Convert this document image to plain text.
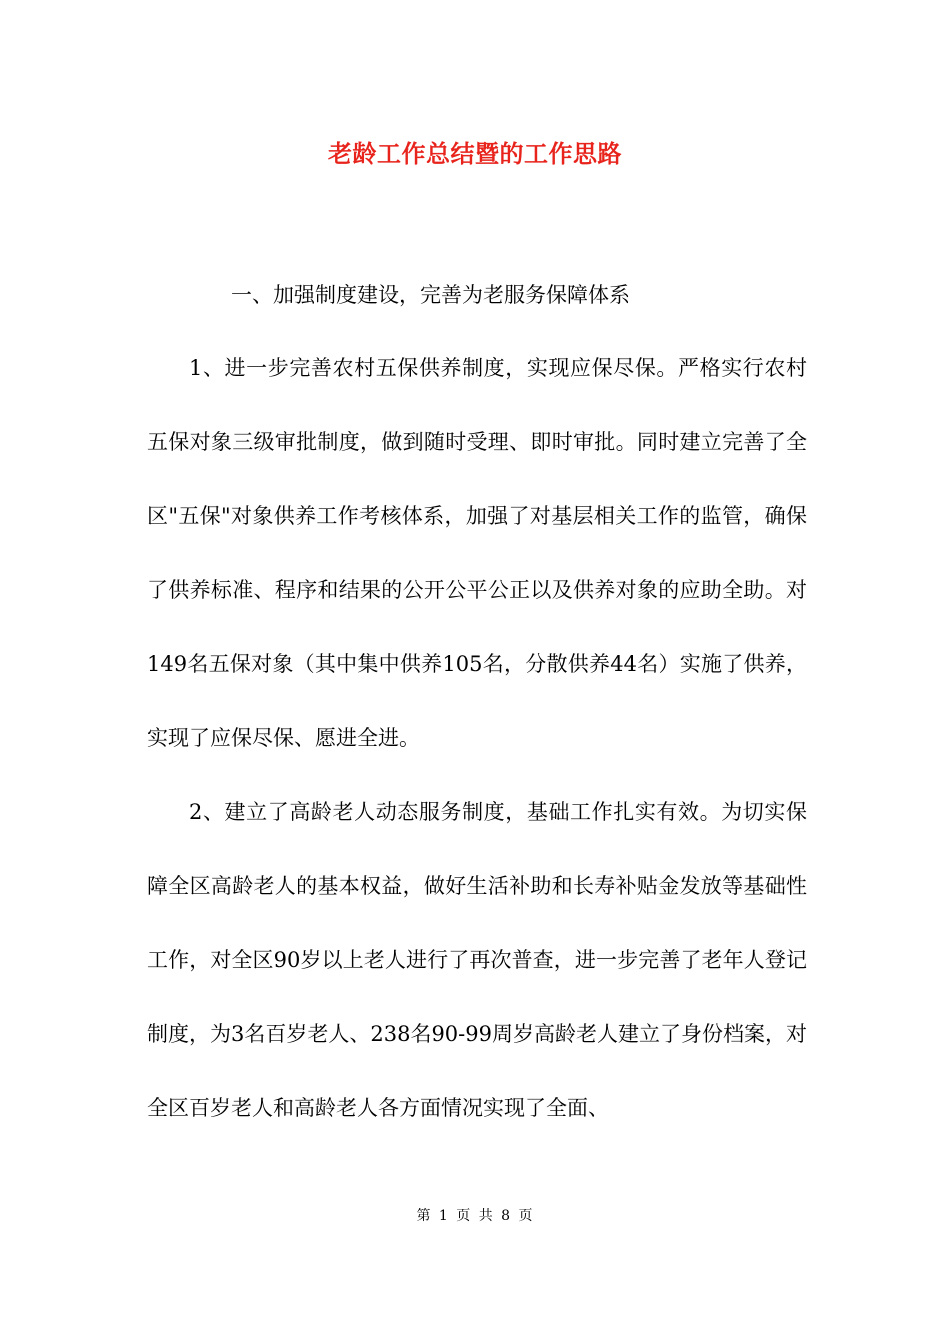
老龄工作总结暨的工作思路
一、加强制度建设，完善为老服务保障体系
1、进一步完善农村五保供养制度，实现应保尽保。严格实行农村五保对象三级审批制度，做到随时受理、即时审批。同时建立完善了全区"五保"对象供养工作考核体系，加强了对基层相关工作的监管，确保了供养标准、程序和结果的公开公平公正以及供养对象的应助全助。对149名五保对象（其中集中供养105名，分散供养44名）实施了供养，实现了应保尽保、愿进全进。
2、建立了高龄老人动态服务制度，基础工作扎实有效。为切实保障全区高龄老人的基本权益，做好生活补助和长寿补贴金发放等基础性工作，对全区90岁以上老人进行了再次普查，进一步完善了老年人登记制度，为3名百岁老人、238名90-99周岁高龄老人建立了身份档案，对全区百岁老人和高龄老人各方面情况实现了全面、
第 1 页 共 8 页
